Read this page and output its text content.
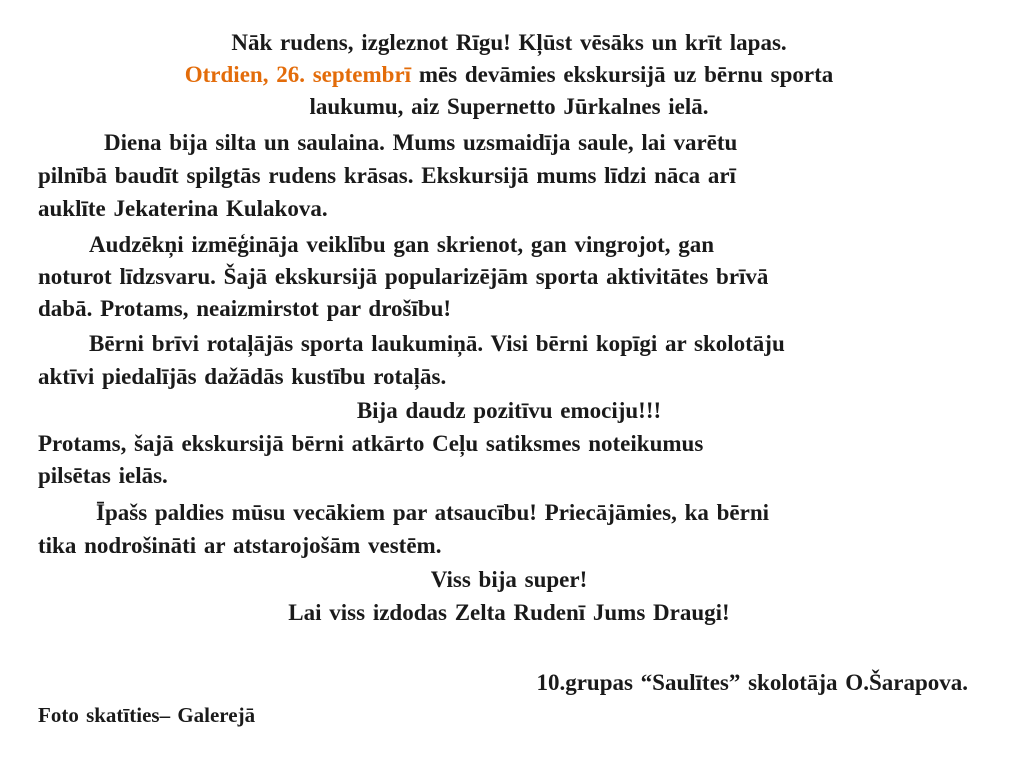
Nāk rudens, izgleznot Rīgu! Kļūst vēsāks un krīt lapas.

Otrdien, 26. septembrī mēs devāmies ekskursijā uz bērnu sporta

laukumu, aiz Supernetto Jūrkalnes ielā.

Diena bija silta un saulaina. Mums uzsmaidīja saule, lai varētu

pilnībā baudīt spilgtās rudens krāsas. Ekskursijā mums līdzi nāca arī

auklīte Jekaterina Kulakova.

Audzēkņi izmēģināja veiklību gan skrienot, gan vingrojot, gan

noturot līdzsvaru. Šajā ekskursijā popularizējām sporta aktivitātes brīvā

dabā. Protams, neaizmirstot par drošību!

Bērni brīvi rotaļājās sporta laukumiņā. Visi bērni kopīgi ar skolotāju

aktīvi piedalījās dažādās kustību rotaļās.

Bija daudz pozitīvu emociju!!!

Protams, šajā ekskursijā bērni atkārto Ceļu satiksmes noteikumus

pilsētas ielās.

Īpašs paldies mūsu vecākiem par atsaucību! Priecājāmies, ka bērni

tika nodrošināti ar atstarojošām vestēm.

Viss bija super!

Lai viss izdodas Zelta Rudenī Jums Draugi!

10.grupas “Saulītes” skolotāja O.Šarapova.

Foto skatīties– Galerejā
